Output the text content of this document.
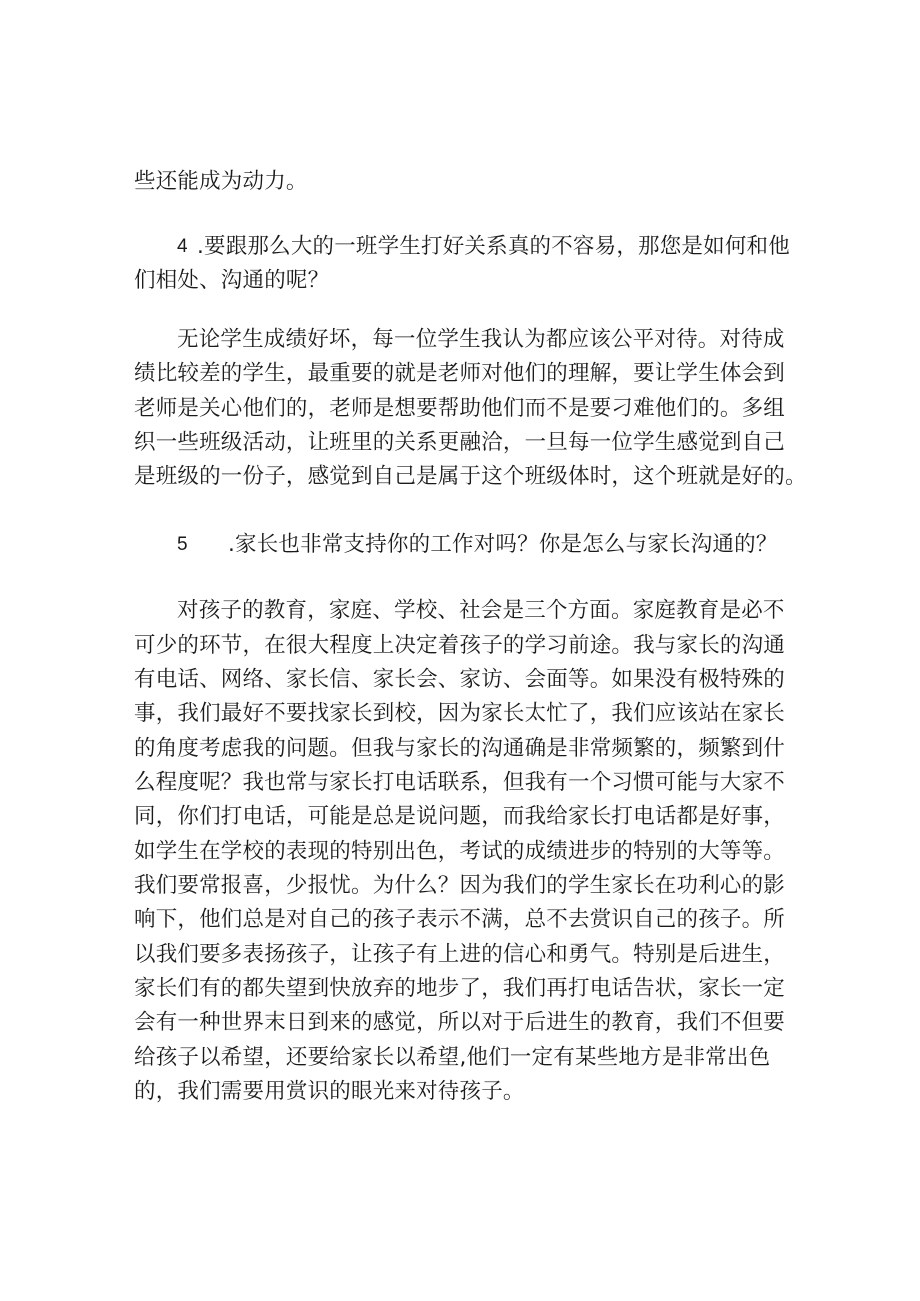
些还能成为动力。
4 .要跟那么大的一班学生打好关系真的不容易，那您是如何和他
们相处、沟通的呢？
无论学生成绩好坏，每一位学生我认为都应该公平对待。对待成
绩比较差的学生，最重要的就是老师对他们的理解，要让学生体会到
老师是关心他们的，老师是想要帮助他们而不是要刁难他们的。多组
织一些班级活动，让班里的关系更融洽，一旦每一位学生感觉到自己
是班级的一份子，感觉到自己是属于这个班级体时，这个班就是好的。
5 .家长也非常支持你的工作对吗？你是怎么与家长沟通的？
对孩子的教育，家庭、学校、社会是三个方面。家庭教育是必不
可少的环节，在很大程度上决定着孩子的学习前途。我与家长的沟通
有电话、网络、家长信、家长会、家访、会面等。如果没有极特殊的
事，我们最好不要找家长到校，因为家长太忙了，我们应该站在家长
的角度考虑我的问题。但我与家长的沟通确是非常频繁的，频繁到什
么程度呢？我也常与家长打电话联系，但我有一个习惯可能与大家不
同，你们打电话，可能是总是说问题，而我给家长打电话都是好事，
如学生在学校的表现的特别出色，考试的成绩进步的特别的大等等。
我们要常报喜，少报忧。为什么？因为我们的学生家长在功利心的影
响下，他们总是对自己的孩子表示不满，总不去赏识自己的孩子。所
以我们要多表扬孩子，让孩子有上进的信心和勇气。特别是后进生，
家长们有的都失望到快放弃的地步了，我们再打电话告状，家长一定
会有一种世界末日到来的感觉，所以对于后进生的教育，我们不但要
给孩子以希望，还要给家长以希望,他们一定有某些地方是非常出色
的，我们需要用赏识的眼光来对待孩子。
